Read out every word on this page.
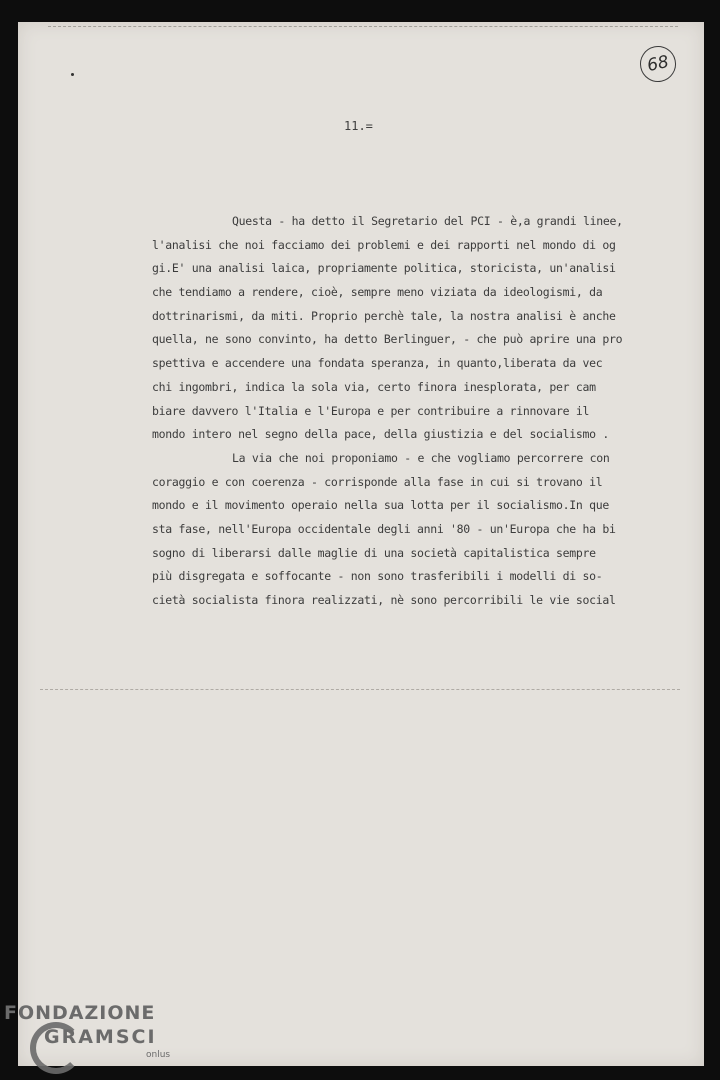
68
11.=
Questa - ha detto il Segretario del PCI - è,a grandi linee,
l'analisi che noi facciamo dei problemi e dei rapporti nel mondo di og
gi.E' una analisi laica, propriamente politica, storicista, un'analisi
che tendiamo a rendere, cioè, sempre meno viziata da ideologismi, da
dottrinarismi, da miti. Proprio perchè tale, la nostra analisi è anche
quella, ne sono convinto, ha detto Berlinguer, - che può aprire una pro
spettiva e accendere una fondata speranza, in quanto,liberata da vec
chi ingombri, indica la sola via, certo finora inesplorata, per cam
biare davvero l'Italia e l'Europa e per contribuire a rinnovare il
mondo intero nel segno della pace, della giustizia e del socialismo .
La via che noi proponiamo - e che vogliamo percorrere con
coraggio e con coerenza - corrisponde alla fase in cui si trovano il
mondo e il movimento operaio nella sua lotta per il socialismo.In que
sta fase, nell'Europa occidentale degli anni '80 - un'Europa che ha bi
sogno di liberarsi dalle maglie di una società capitalistica sempre
più disgregata e soffocante - non sono trasferibili i modelli di so-
cietà socialista finora realizzati, nè sono percorribili le vie social
FONDAZIONE
GRAMSCI
onlus
